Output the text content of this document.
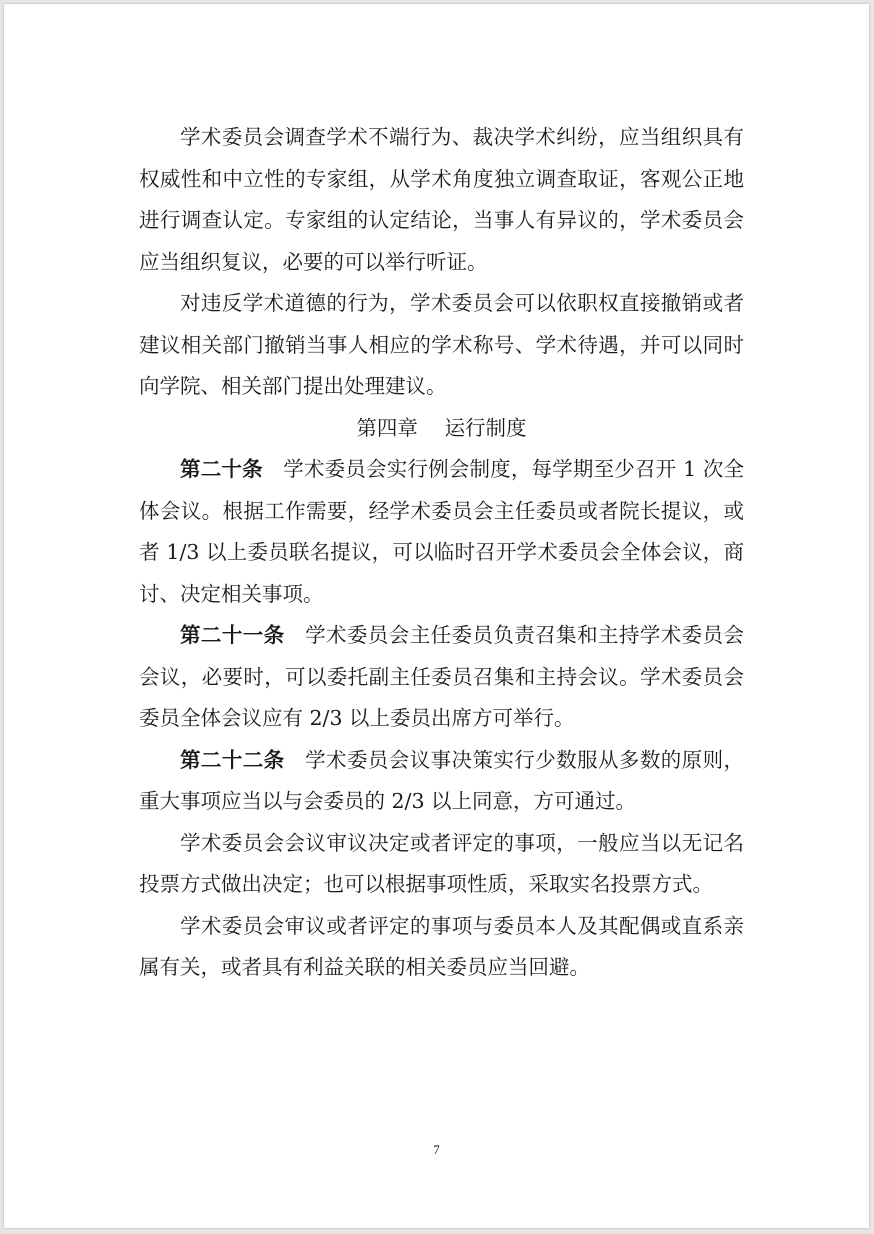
学术委员会调查学术不端行为、裁决学术纠纷，应当组织具有权威性和中立性的专家组，从学术角度独立调查取证，客观公正地进行调查认定。专家组的认定结论，当事人有异议的，学术委员会应当组织复议，必要的可以举行听证。

对违反学术道德的行为，学术委员会可以依职权直接撤销或者建议相关部门撤销当事人相应的学术称号、学术待遇，并可以同时向学院、相关部门提出处理建议。

第四章 运行制度

第二十条 学术委员会实行例会制度，每学期至少召开 1 次全体会议。根据工作需要，经学术委员会主任委员或者院长提议，或者 1/3 以上委员联名提议，可以临时召开学术委员会全体会议，商讨、决定相关事项。

第二十一条 学术委员会主任委员负责召集和主持学术委员会会议，必要时，可以委托副主任委员召集和主持会议。学术委员会委员全体会议应有 2/3 以上委员出席方可举行。

第二十二条 学术委员会议事决策实行少数服从多数的原则，重大事项应当以与会委员的 2/3 以上同意，方可通过。

学术委员会会议审议决定或者评定的事项，一般应当以无记名投票方式做出决定；也可以根据事项性质，采取实名投票方式。

学术委员会审议或者评定的事项与委员本人及其配偶或直系亲属有关，或者具有利益关联的相关委员应当回避。

7
